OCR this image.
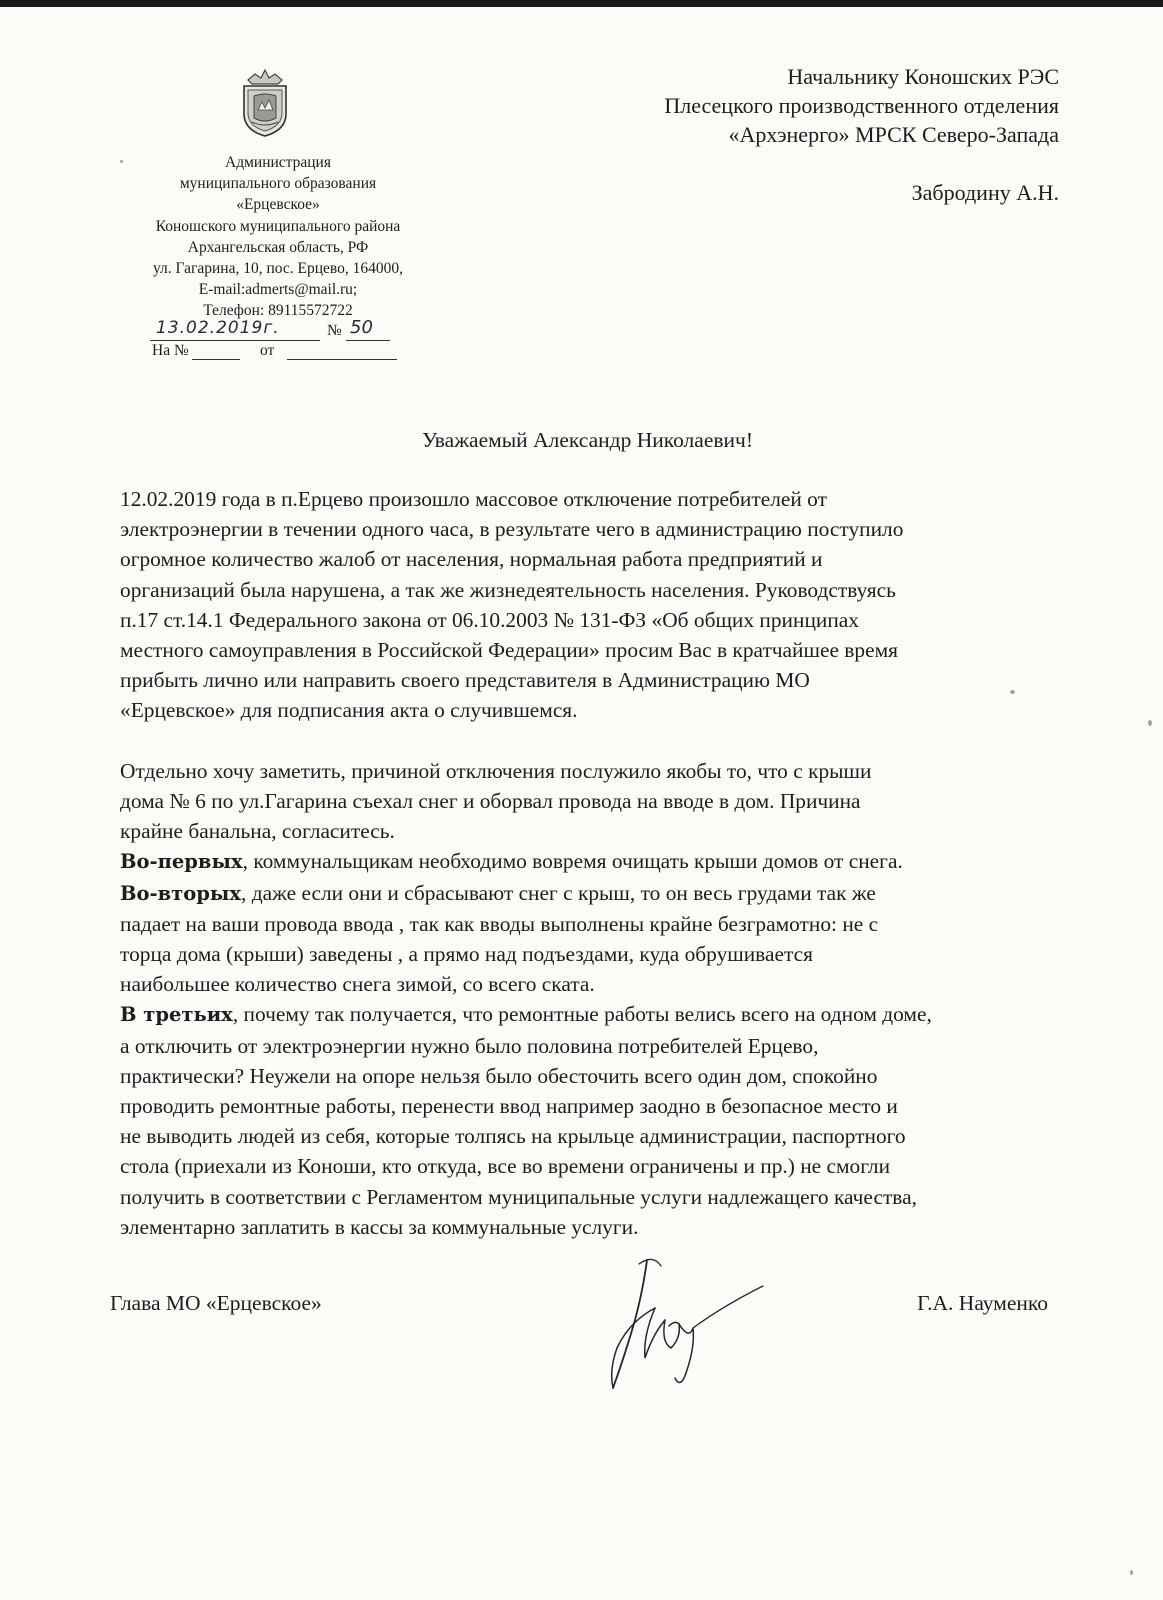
Администрация
муниципального образования
«Ерцевское»
Коношского муниципального района
Архангельская область, РФ
ул. Гагарина, 10, пос. Ерцево, 164000,
E-mail:admerts@mail.ru;
Телефон: 89115572722
13.02.2019г.	№ 50
На №	от
Начальнику Коношских РЭС
Плесецкого производственного отделения
«Архэнерго» МРСК Северо-Запада
Забродину А.Н.
Уважаемый Александр Николаевич!
12.02.2019 года в п.Ерцево произошло массовое отключение потребителей от
электроэнергии в течении одного часа, в результате чего в администрацию поступило
огромное количество жалоб от населения, нормальная работа предприятий и
организаций была нарушена, а так же жизнедеятельность населения. Руководствуясь
п.17 ст.14.1 Федерального закона от 06.10.2003 № 131-ФЗ «Об общих принципах
местного самоуправления в Российской Федерации» просим Вас в кратчайшее время
прибыть лично или направить своего представителя в Администрацию МО
«Ерцевское» для подписания акта о случившемся.
Отдельно хочу заметить, причиной отключения послужило якобы то, что с крыши
дома № 6 по ул.Гагарина съехал снег и оборвал провода на вводе в дом. Причина
крайне банальна, согласитесь.
Во-первых, коммунальщикам необходимо вовремя очищать крыши домов от снега.
Во-вторых, даже если они и сбрасывают снег с крыш, то он весь грудами так же
падает на ваши провода ввода , так как вводы выполнены крайне безграмотно: не с
торца дома (крыши) заведены , а прямо над подъездами, куда обрушивается
наибольшее количество снега зимой, со всего ската.
В третьих, почему так получается, что ремонтные работы велись всего на одном доме,
а отключить от электроэнергии нужно было половина потребителей Ерцево,
практически? Неужели на опоре нельзя было обесточить всего один дом, спокойно
проводить ремонтные работы, перенести ввод например заодно в безопасное место и
не выводить людей из себя, которые толпясь на крыльце администрации, паспортного
стола (приехали из Коноши, кто откуда, все во времени ограничены и пр.) не смогли
получить в соответствии с Регламентом муниципальные услуги надлежащего качества,
элементарно заплатить в кассы за коммунальные услуги.
Глава МО «Ерцевское»	Г.А. Науменко
